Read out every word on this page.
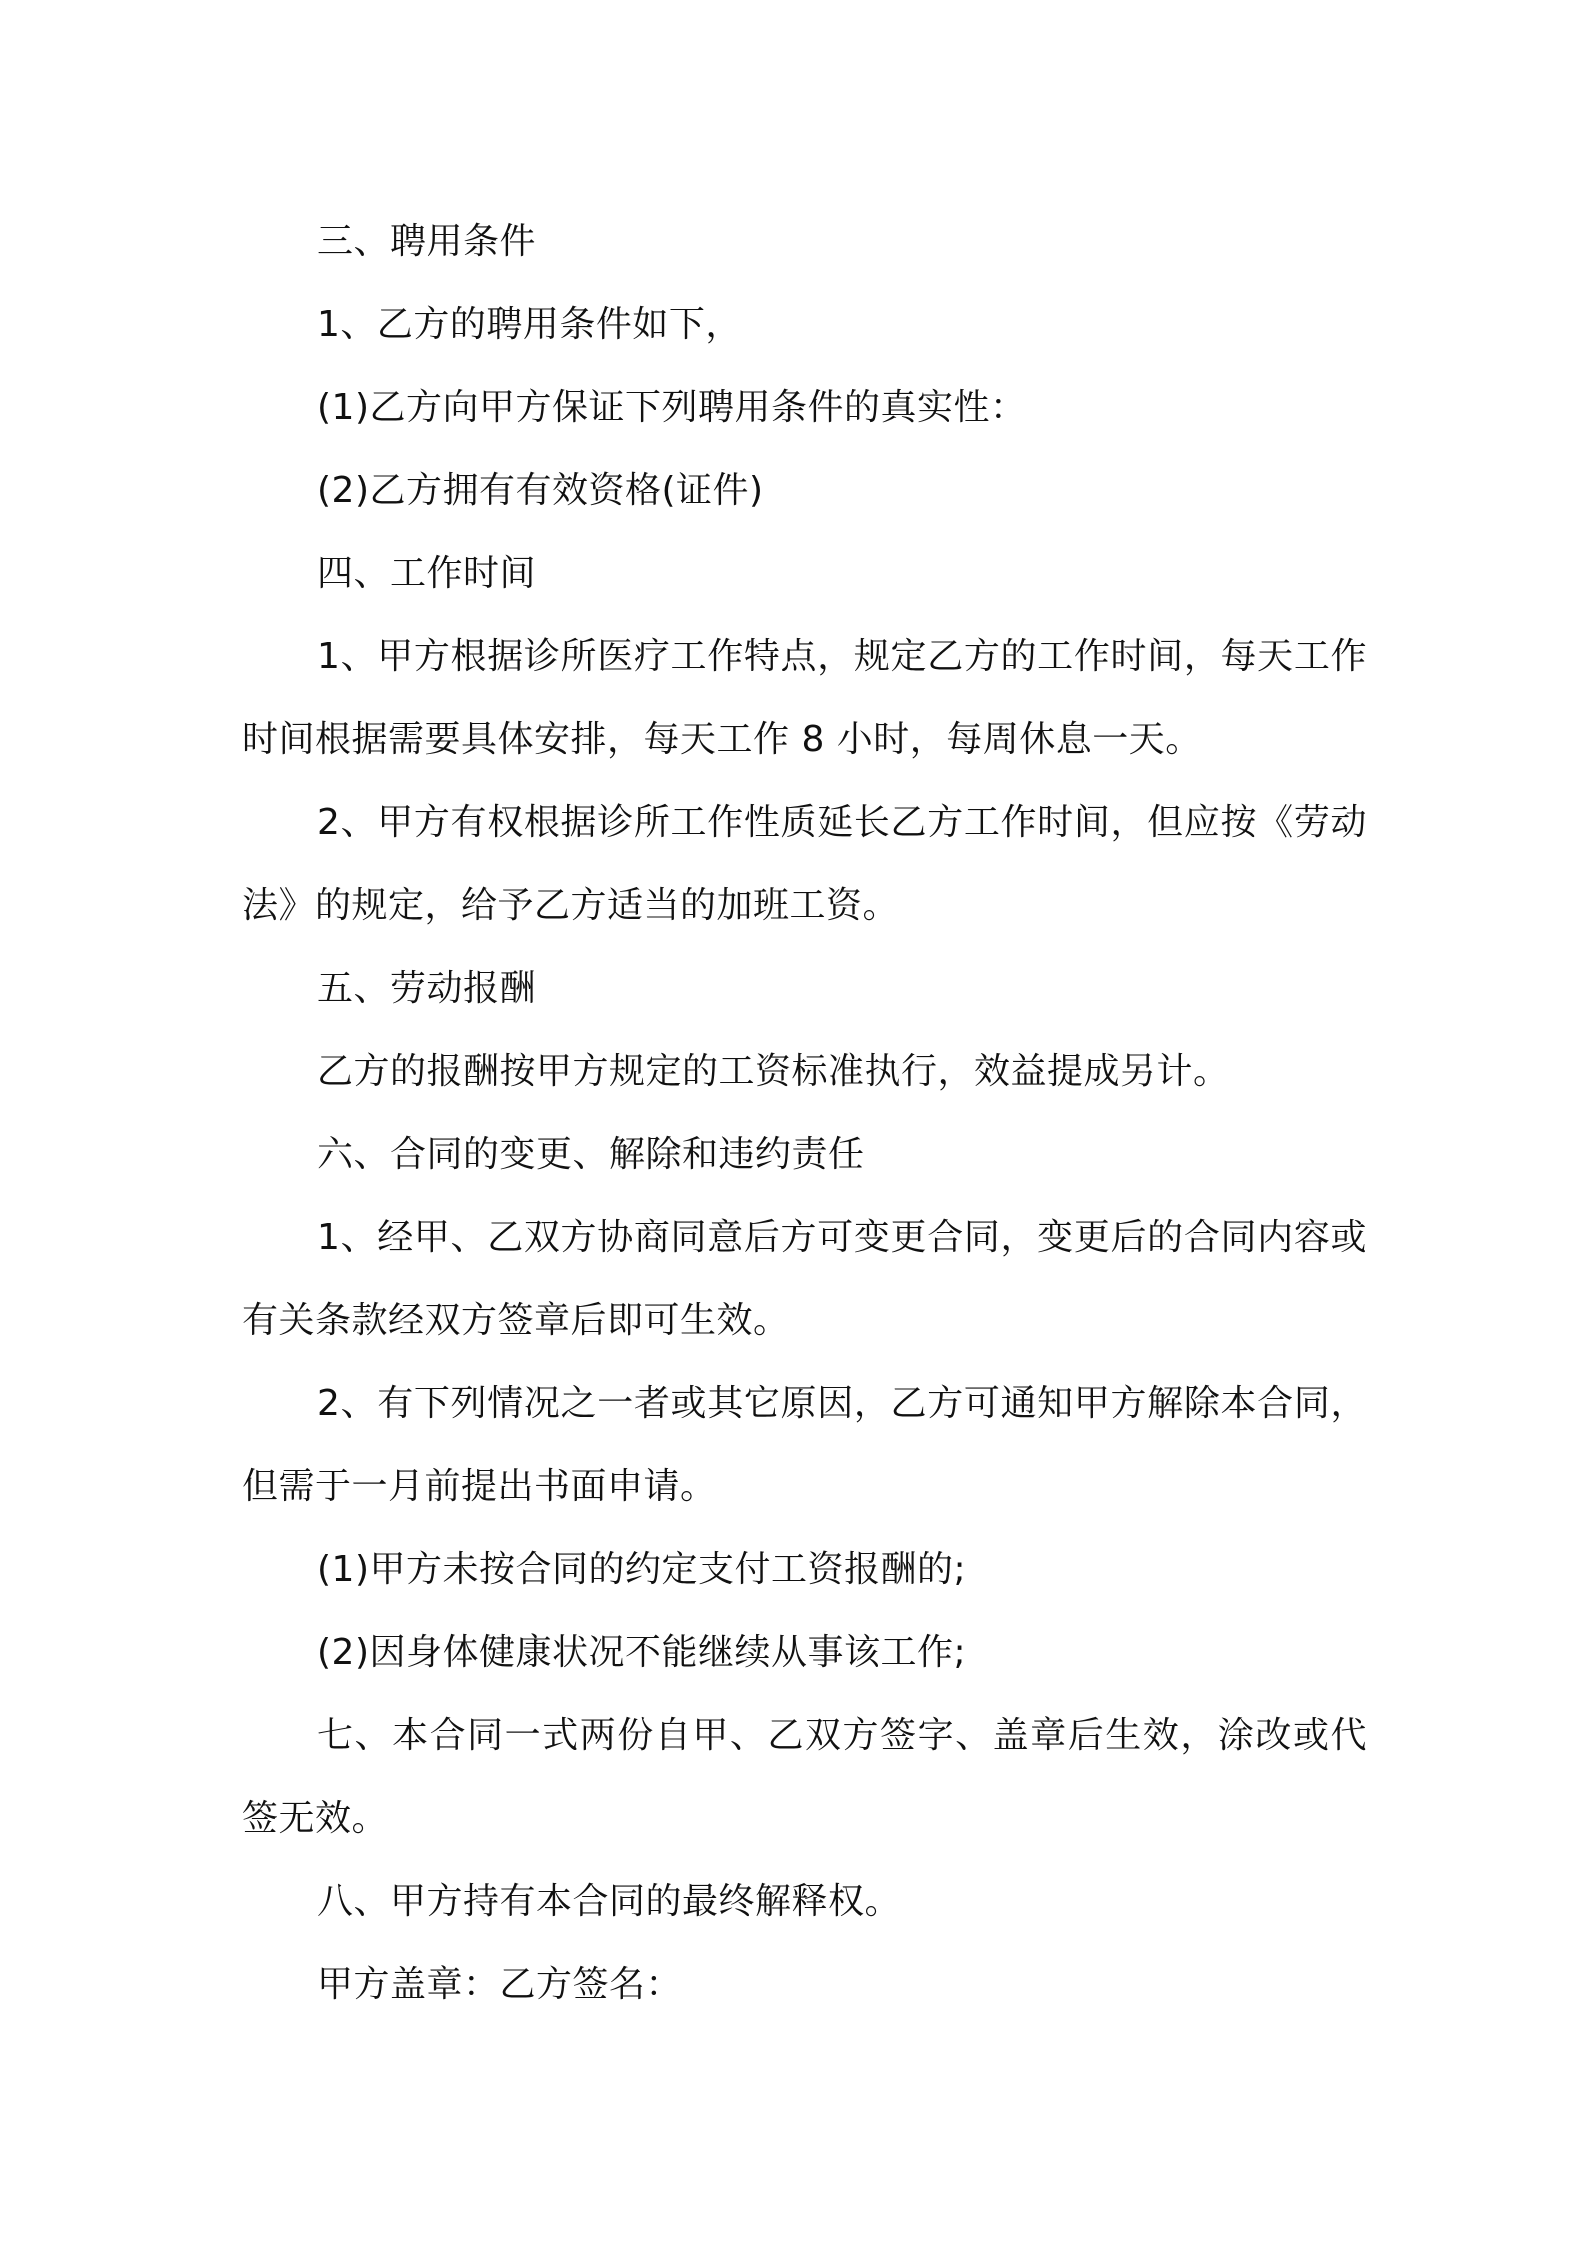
三、聘用条件

1、乙方的聘用条件如下，

(1)乙方向甲方保证下列聘用条件的真实性：

(2)乙方拥有有效资格(证件)

四、工作时间

1、甲方根据诊所医疗工作特点，规定乙方的工作时间，每天工作时间根据需要具体安排，每天工作 8 小时，每周休息一天。

2、甲方有权根据诊所工作性质延长乙方工作时间，但应按《劳动法》的规定，给予乙方适当的加班工资。

五、劳动报酬

乙方的报酬按甲方规定的工资标准执行，效益提成另计。

六、合同的变更、解除和违约责任

1、经甲、乙双方协商同意后方可变更合同，变更后的合同内容或有关条款经双方签章后即可生效。

2、有下列情况之一者或其它原因，乙方可通知甲方解除本合同，但需于一月前提出书面申请。

(1)甲方未按合同的约定支付工资报酬的;

(2)因身体健康状况不能继续从事该工作;

七、本合同一式两份自甲、乙双方签字、盖章后生效，涂改或代签无效。

八、甲方持有本合同的最终解释权。

甲方盖章：乙方签名：
